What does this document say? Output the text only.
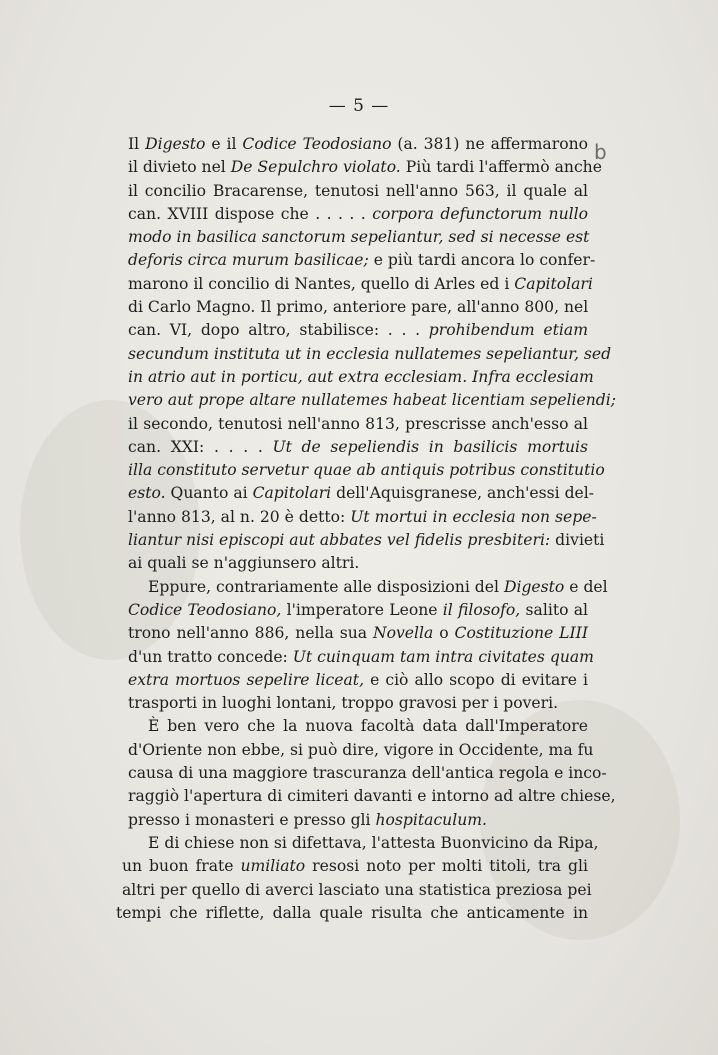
— 5 —
b
Il Digesto e il Codice Teodosiano (a. 381) ne affermarono
il divieto nel De Sepulchro violato. Più tardi l'affermò anche
il concilio Bracarense, tenutosi nell'anno 563, il quale al
can. XVIII dispose che . . . . . corpora defunctorum nullo
modo in basilica sanctorum sepeliantur, sed si necesse est
deforis circa murum basilicae; e più tardi ancora lo confer-
marono il concilio di Nantes, quello di Arles ed i Capitolari
di Carlo Magno. Il primo, anteriore pare, all'anno 800, nel
can. VI, dopo altro, stabilisce: . . . prohibendum etiam
secundum instituta ut in ecclesia nullatemes sepeliantur, sed
in atrio aut in porticu, aut extra ecclesiam. Infra ecclesiam
vero aut prope altare nullatemes habeat licentiam sepeliendi;
il secondo, tenutosi nell'anno 813, prescrisse anch'esso al
can. XXI: . . . . Ut de sepeliendis in basilicis mortuis
illa constituto servetur quae ab antiquis potribus constitutio
esto. Quanto ai Capitolari dell'Aquisgranese, anch'essi del-
l'anno 813, al n. 20 è detto: Ut mortui in ecclesia non sepe-
liantur nisi episcopi aut abbates vel fidelis presbiteri: divieti
ai quali se n'aggiunsero altri.
Eppure, contrariamente alle disposizioni del Digesto e del
Codice Teodosiano, l'imperatore Leone il filosofo, salito al
trono nell'anno 886, nella sua Novella o Costituzione LIII
d'un tratto concede: Ut cuinquam tam intra civitates quam
extra mortuos sepelire liceat, e ciò allo scopo di evitare i
trasporti in luoghi lontani, troppo gravosi per i poveri.
È ben vero che la nuova facoltà data dall'Imperatore
d'Oriente non ebbe, si può dire, vigore in Occidente, ma fu
causa di una maggiore trascuranza dell'antica regola e inco-
raggiò l'apertura di cimiteri davanti e intorno ad altre chiese,
presso i monasteri e presso gli hospitaculum.
E di chiese non si difettava, l'attesta Buonvicino da Ripa,
un buon frate umiliato resosi noto per molti titoli, tra gli
altri per quello di averci lasciato una statistica preziosa pei
tempi che riflette, dalla quale risulta che anticamente in
